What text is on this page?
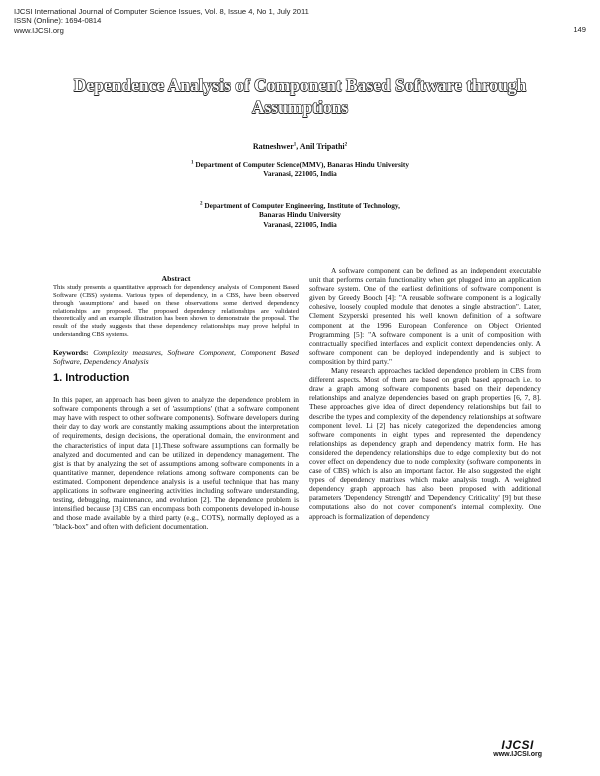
IJCSI International Journal of Computer Science Issues, Vol. 8, Issue 4, No 1, July 2011
ISSN (Online): 1694-0814
www.IJCSI.org	149
Dependence Analysis of Component Based Software through Assumptions
Ratneshwer$^1$, Anil Tripathi$^2$
$^1$ Department of Computer Science(MMV), Banaras Hindu University
Varanasi, 221005, India
$^2$ Department of Computer Engineering, Institute of Technology,
Banaras Hindu University
Varanasi, 221005, India
Abstract

This study presents a quantitative approach for dependency analysis of Component Based Software (CBS) systems. Various types of dependency, in a CBS, have been observed through 'assumptions' and based on these observations some derived dependency relationships are proposed. The proposed dependency relationships are validated theoretically and an example illustration has been shown to demonstrate the proposal. The result of the study suggests that these dependency relationships may prove helpful in understanding CBS systems.

Keywords: Complexity measures, Software Component, Component Based Software, Dependency Analysis
1. Introduction

In this paper, an approach has been given to analyze the dependence problem in software components through a set of 'assumptions' (that a software component may have with respect to other software components). Software developers during their day to day work are constantly making assumptions about the interpretation of requirements, design decisions, the operational domain, the environment and the characteristics of input data [1].These software assumptions can formally be analyzed and documented and can be utilized in dependency management. The gist is that by analyzing the set of assumptions among software components in a quantitative manner, dependence relations among software components can be estimated. Component dependence analysis is a useful technique that has many applications in software engineering activities including software understanding, testing, debugging, maintenance, and evolution [2]. The dependence problem is intensified because [3] CBS can encompass both components developed in-house and those made available by a third party (e.g., COTS), normally deployed as a "black-box" and often with deficient documentation.

A software component can be defined as an independent executable unit that performs certain functionality when get plugged into an application software system. One of the earliest definitions of software component is given by Greedy Booch [4]: "A reusable software component is a logically cohesive, loosely coupled module that denotes a single abstraction". Later, Clement Szyperski presented his well known definition of a software component at the 1996 European Conference on Object Oriented Programming [5]: "A software component is a unit of composition with contractually specified interfaces and explicit context dependencies only. A software component can be deployed independently and is subject to composition by third party."

Many research approaches tackled dependence problem in CBS from different aspects. Most of them are based on graph based approach i.e. to draw a graph among software components based on their dependency relationships and analyze dependencies based on graph properties [6, 7, 8]. These approaches give idea of direct dependency relationships but fail to describe the types and complexity of the dependency relationships at software component level. Li [2] has nicely categorized the dependencies among software components in eight types and represented the dependency relationships as dependency graph and dependency matrix form. He has considered the dependency relationships due to edge complexity but do not cover effect on dependency due to node complexity (software components in case of CBS) which is also an important factor. He also suggested the eight types of dependency matrixes which make analysis tough. A weighted dependency graph approach has also been proposed with additional parameters 'Dependency Strength' and 'Dependency Criticality' [9] but these computations also do not cover component's internal complexity. One approach is formalization of dependency

IJCSI
www.IJCSI.org
